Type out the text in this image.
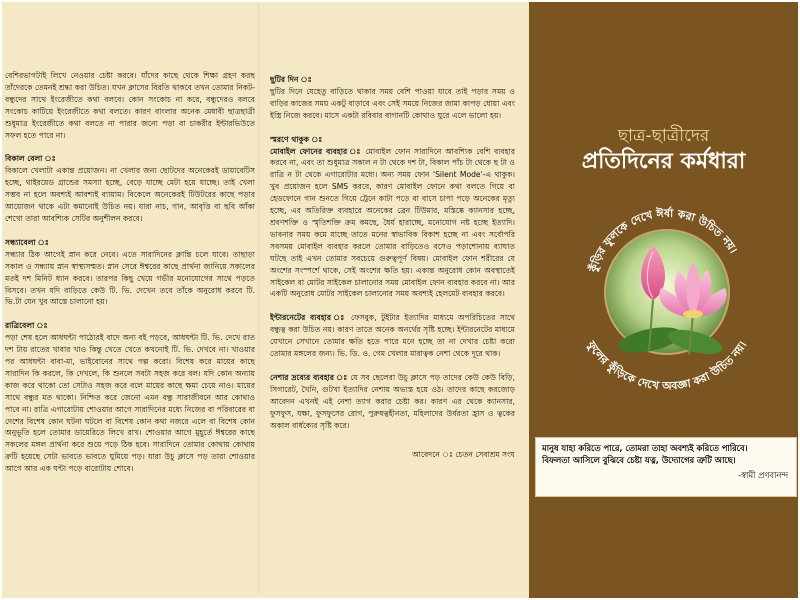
বেশিরভাগটাই লিখে নেওয়ার চেষ্টা করবে। যাঁদের কাছে থেকে শিক্ষা গ্রহণ করছ তাঁদেরকে তেমনই শ্রদ্ধা করা উচিত। যখন ক্লাসের বিরতি থাকবে তখন তোমার নিকট-বন্ধুদের সাথে ইংরেজীতে কথা বলবে। কোন সংকোচ না করে, বন্ধুদেরও বলবে সংকোচ কাটিয়ে ইংরেজীতে কথা বলতে। কারণ বাংলার অনেক মেধাবী ছাত্রছাত্রী শুধুমাত্র ইংরেজীতে কথা বলতে না পারার জন্যে পড়া বা চাকরীর ইন্টারভিউতে সফল হতে পারে না।

বিকাল বেলা ঃ

বিকালে খেলাটা একান্ত প্রয়োজন। না খেলার জন্য ছোটদের অনেকেরই ডায়াবেটিস হচ্ছে, থাইরয়েড গ্রান্ডের সমস্যা হচ্ছে, বেড়ে যাচ্ছে মেটা হয়ে যাচ্ছে। তাই খেলা সম্ভব না হলে অবশ্যই আবশ্যই ব্যায়াম। বিকেলে অনেকেরই টিউটরের কাছে পড়ার আয়োজন থাকে এটা কমানোই উচিত নয়। যারা নাচ, গান, আবৃত্তি বা ছবি আঁকা শেখো তারা আবশ্যিক সেটির অনুশীলন করবে।

সন্ধ্যাবেলা ঃ

সন্ধ্যার ঠিক আগেই স্নান করে নেবে। এতে সারাদিনের ক্লান্তি চলে যাবে। তাছাড়া সকাল ও সন্ধ্যায় স্নান স্বাস্থ্যসম্মত। স্নান সেরে ঈশ্বরের কাছে প্রার্থনা জানিয়ে সকালের মতই দশ মিনিট ধ্যান করবে। তারপর কিছু খেয়ে গভীর মনোযোগের সাথে পড়তে বিসবে। তখন যদি বাড়িতে কেউ টি. ভি. দেখেন তবে তাঁকে অনুরোধ করবে টি. ভি.টা যেন খুব আস্তে চালানো হয়।

রাত্রিবেলা ঃ

পড়া শেষ হলে আধঘন্টা পাঠ্যেরই বাদে অন্য বই পড়বে, আধঘন্টা টি. ভি. দেখে রাত দশ টায় রাতের খাবার খাও কিন্তু খেতে খেতে কখনোই টি. ভি. দেখবে না। খাওয়ার পর আধঘন্টা বাবা-মা, ভাইবোনের সাথে গল্প করো। বিশেষ করে মায়ের কাছে সারাদিন কি করলে, কি দেখলে, কি শুনলে সবটা সহজ করে বল। যদি কোন অন্যায় কাজ করে থাকো তো সেটাও সহজ করে বলে মায়ের কাছে ক্ষমা চেয়ে নাও। মায়ের সাথে বন্ধুর মত থাকো। নিশ্চিত করে জেনো এমন বন্ধু সারাজীবনে আর কোথাও পাবে না। রাত্রি এগারোটায় শোওয়ার আগে সারাদিনের মধ্যে নিজের বা পরিবারের বা দেশের বিশেষ কোন ঘটনা ঘটলে বা বিশেষ কোন কথা নজরে এলে বা বিশেষ কোন অনুভূতি হলে তোমার ডায়েরিতে লিখে রাখ। শোওয়ার আগে মুহূর্তে ঈশ্বরের কাছে সকলের মঙ্গল প্রার্থনা করে শুয়ে পড়ে ঠিক হবে। সারাদিনে তোমার কোথায় কোথায় ক্রটি হয়েছে সেটা ভাবতে ভাবতে ঘুমিয়ে পড়। যারা উচু ক্লাসে পড় তারা শোওয়ার আগে আর এক ঘন্টা পড়ে বারোটায় শোবে।

ছুটির দিন ঃ

ছুটির দিনে যেহেতু বাড়িতে থাকার সময় বেশি পাওয়া যাবে তাই পড়ার সময় ও বাড়ির কাজের সময় একটু বাড়াবে এবং সেই সময়ে নিজের জামা কাপড় ধোয়া এবং ইস্ত্রি নিজে করবে। মাসে একটা রবিবার বাগানটি কোথাও ঘুরে এলে ভালো হয়।

স্মরণে থাকুক ঃ

মোবাইল ফোনের ব্যবহার ঃ মোবাইল ফোন সারাদিনে আবশ্যিক বেশি ব্যবহার করবে না, এবং তা শুধুমাত্র সকাল ন টা থেকে দশ টা, বিকাল পাঁচ টা থেকে ছ টা ও রাত্রি ন টা থেকে এগারোটার মধ্যে। অন্য সময় ফোন 'Silent Mode'-এ থাকুক। খুব প্রয়োজন হলে SMS করবে, কারণ মোবাইল ফোনে কথা বলতে গিয়ে বা হেডফোনে গান শুনতে গিয়ে ট্রেনে কাটা পড়ে বা বাসে চাপা পড়ে অনেকের মৃত্যু হচ্ছে, এর অতিরিক্ত ব্যবহারে অনেকের ব্রেন টিউমার, মস্তিষ্কে ক্যানসার হচ্ছে, শ্রবণশক্তি ও স্মৃতিশক্তি ক্রম কমছে, ধৈর্য হারাচ্ছে, মনোযোগ নষ্ট হচ্ছে ইত্যাদি। ভাবনার সময় কমে যাচ্ছে তাতে মনের স্বাভাবিক বিকাশ হচ্ছে না এবং সর্বোপরি সবসময় মোবাইল ব্যবহার করলে তোমার বাড়িতেও বসেও পড়াশোনায় ব্যাঘাত ঘটছে তাই এখন তোমার সবচেয়ে গুরুত্বপূর্ণ বিষয়। মোবাইল ফোন শরীরের যে অংশের সংস্পর্শে থাকে, সেই অংশের ক্ষতি হয়। একান্ত অনুরোধ কোন অবস্থাতেই সাইকেল বা মোটর সাইকেল চালানোর সময় মোবাইল ফোন ব্যবহার করবে না। আর একটি অনুরোধ মোটর সাইকেল চালানোর সময় অবশ্যই হেলমেট ব্যবহার করবে।

ইন্টারনেটের ব্যবহার ঃ ফেসবুক, টুইটার ইত্যাদির মাধ্যমে অপরিচিতের সাথে বন্ধুত্ব করা উচিত নয়। কারণ তাতে অনেক অনর্থের সৃষ্টি হচ্ছে। ইন্টারনেটের মাধ্যমে যেখানে সেখানে তোমার ক্ষতি হতে পারে মনে হচ্ছে তা না দেখার চেষ্টা করো তোমার মঙ্গলের জন্য। ভি. ডি. ও. গেম খেলার মারাত্বক নেশা থেকে দূরে থাক।

নেশার দ্রব্যের ব্যবহার ঃ যে সব ছেলেরা উচু ক্লাসে পড় তাদের কেউ কেউ বিড়ি, সিগারেট, খৈনি, গুটখা ইত্যাদির নেশায় অভ্যস্ত হয়ে ওঠ। তাদের কাছে করজোড় আবেদন এখনই এই নেশা ত্যাগ করার চেষ্টা কর। কারণ এর থেকে ক্যানসার, ফুসফুস, যক্ষা, ফুসফুসের রোগ, পুরুষত্বহীনতা, মহিলাদের উর্বরতা হ্রাস ও ত্বকের অকাল বার্ধক্যের সৃষ্টি করে।

আবেদনে ঃ চেতন সেবাশ্রম সংঘ

ছাত্র-ছাত্রীদের
প্রতিদিনের কর্মধারা
কুঁড়ির ফুলকে দেখে ঈর্ষা করা উচিত নয়।
ফুলের কুঁড়িকে দেখে অবজ্ঞা করা উচিত নয়।
মানুষ যাহা করিতে পারে, তোমরা তাহা অবশ্যই করিতে পারিবে।
বিফলতা আসিলে বুঝিবে চেষ্টা যত্ন, উদ্যোগের ত্রুটি আছে।
-স্বামী প্রণবানন্দ
